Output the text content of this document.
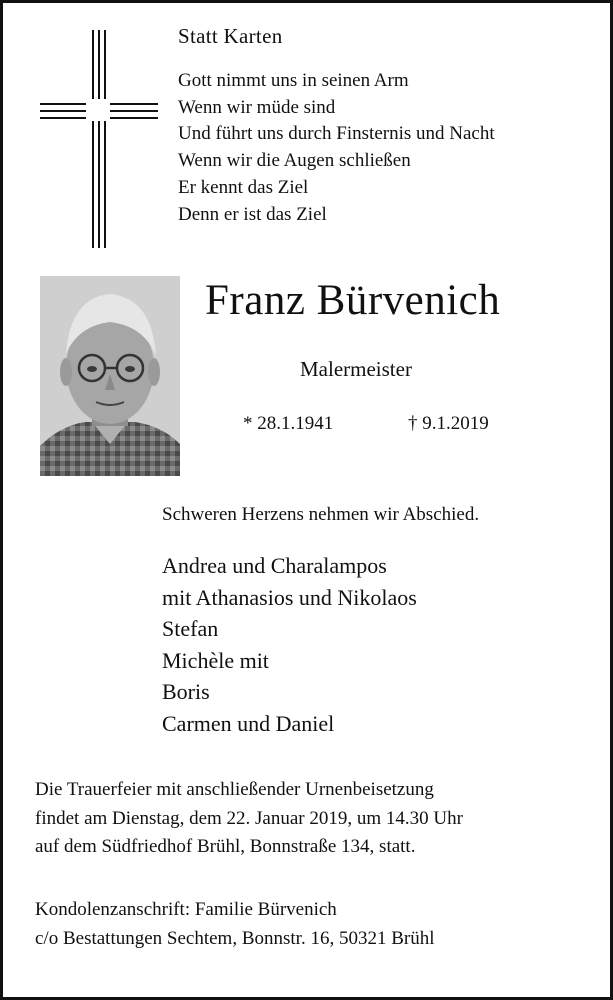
Statt Karten
Gott nimmt uns in seinen Arm
Wenn wir müde sind
Und führt uns durch Finsternis und Nacht
Wenn wir die Augen schließen
Er kennt das Ziel
Denn er ist das Ziel
Franz Bürvenich
Malermeister
* 28.1.1941	† 9.1.2019
Schweren Herzens nehmen wir Abschied.
Andrea und Charalampos
mit Athanasios und Nikolaos
Stefan
Michèle mit
Boris
Carmen und Daniel
Die Trauerfeier mit anschließender Urnenbeisetzung
findet am Dienstag, dem 22. Januar 2019, um 14.30 Uhr
auf dem Südfriedhof Brühl, Bonnstraße 134, statt.
Kondolenzanschrift: Familie Bürvenich
c/o Bestattungen Sechtem, Bonnstr. 16, 50321 Brühl
